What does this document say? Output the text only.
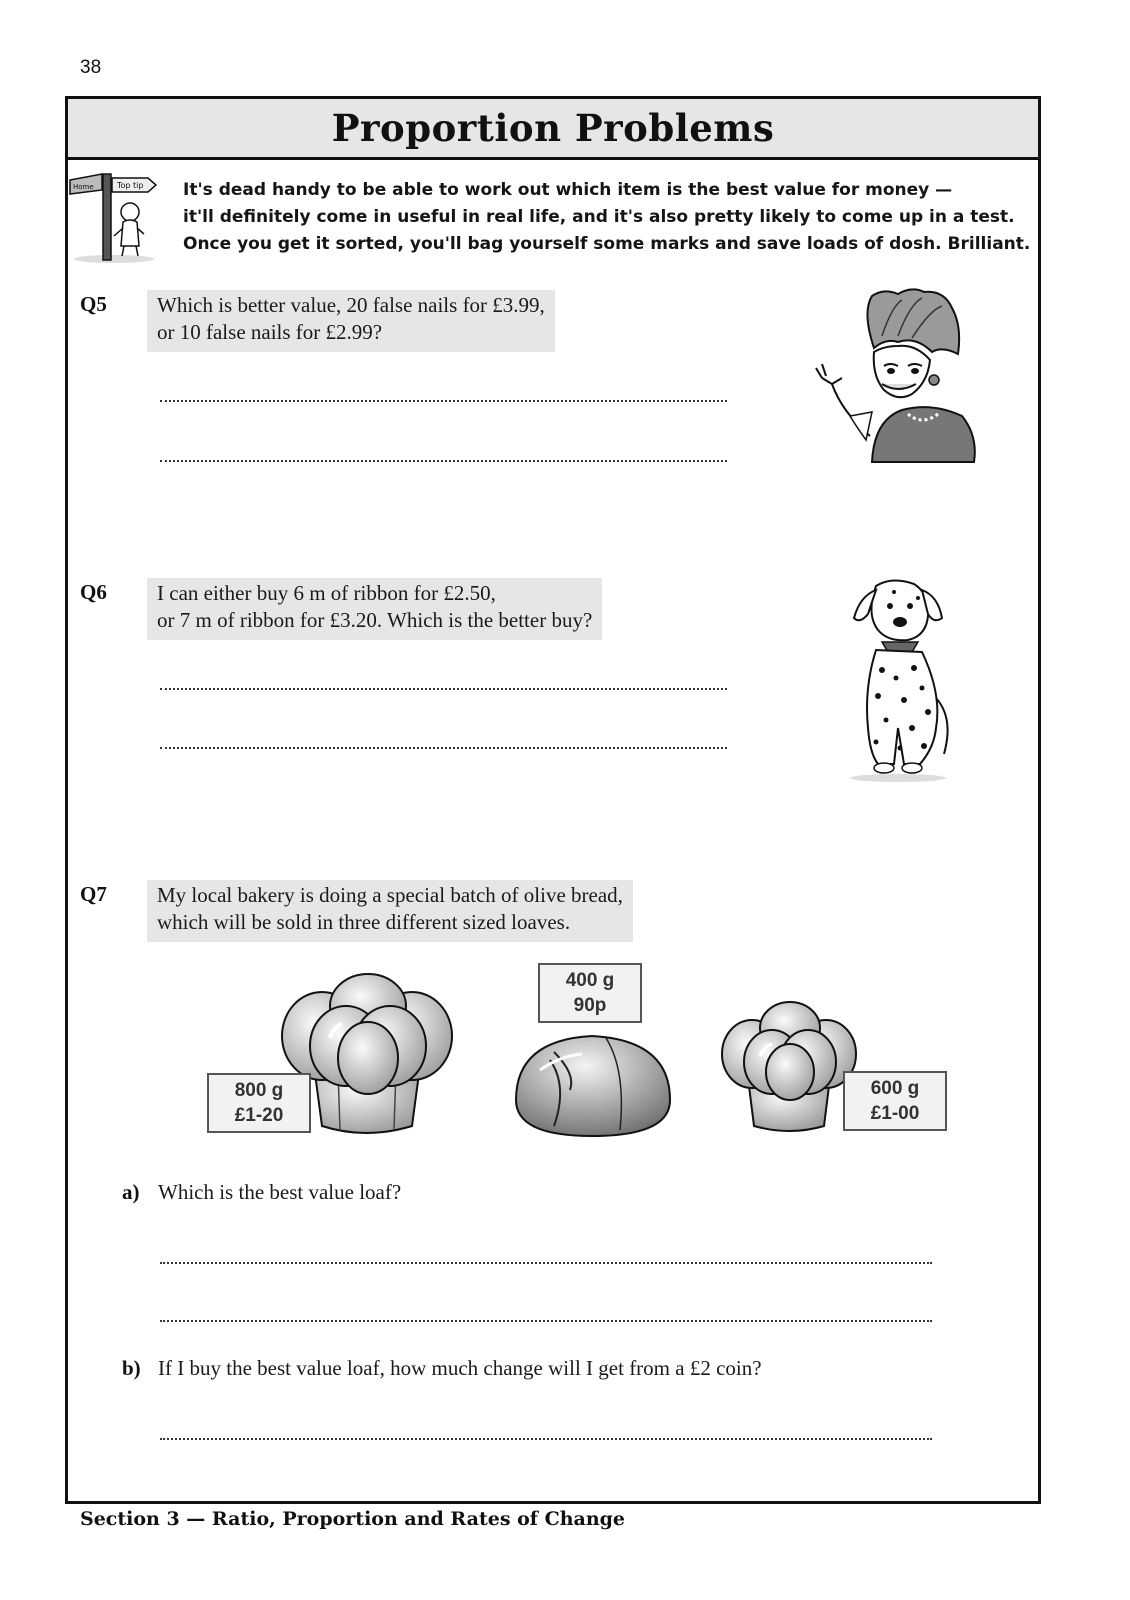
38
Proportion Problems
Home	Top tip It's dead handy to be able to work out which item is the best value for money —
it'll definitely come in useful in real life, and it's also pretty likely to come up in a test.
Once you get it sorted, you'll bag yourself some marks and save loads of dosh. Brilliant.

Q5	Which is better value, 20 false nails for £3.99,
or 10 false nails for £2.99?
Q6	I can either buy 6 m of ribbon for £2.50,
or 7 m of ribbon for £3.20. Which is the better buy?
Q7	My local bakery is doing a special batch of olive bread,
which will be sold in three different sized loaves.
800 g
£1-20
400 g
90p
600 g
£1-00
a) Which is the best value loaf?
b) If I buy the best value loaf, how much change will I get from a £2 coin?
Section 3 — Ratio, Proportion and Rates of Change
